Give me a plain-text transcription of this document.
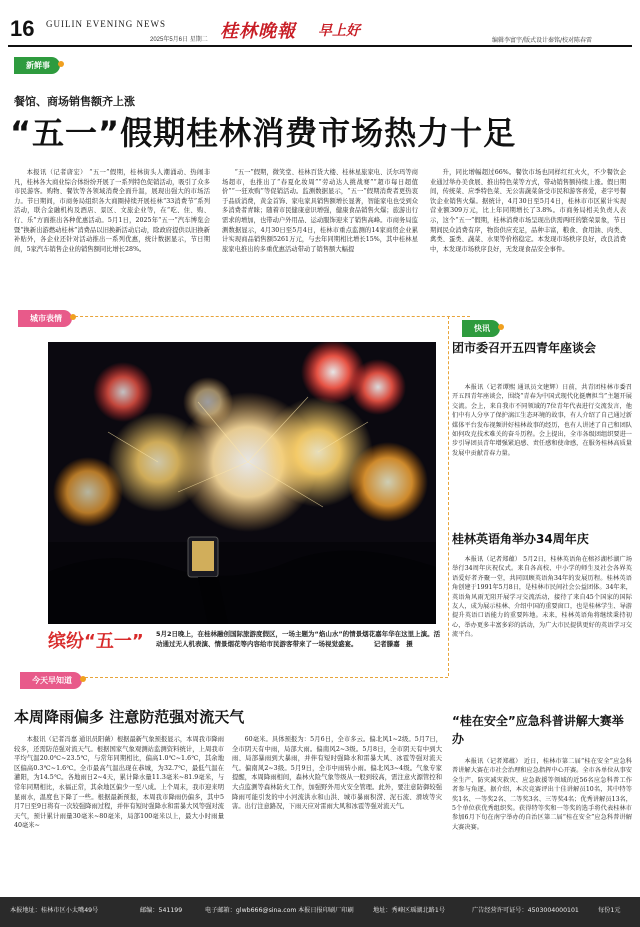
16 GUILIN EVENING NEWS
2025年5月6日 星期二 桂林晚報 早上好
编辑李富宇/版式设计秦铭/校对陈春雷
新鲜事
餐馆、商场销售额齐上涨
“五一”假期桂林消费市场热力十足

本报讯（记者唐宏） “五一”假期，桂林街头人潮涌动、热闹非凡，桂林各大商业综合体纷纷开展了一系列特色促销活动，吸引了众多市民游客。购物、餐饮等各领域消费全面升温，展现出强大的市场活力。节日期间，市商务局组织各大商圈持续开展桂林“33消费节”系列活动，联合金融机构及酒店、景区、文旅企业等，在“吃、住、购、行、乐”方面推出各种优惠活动。5月1日，2025年“五一”汽车博览会暨“换新出游燃动桂林”消费品以旧换新活动启动，除政府提供以旧换新补贴外，各企业还针对活动推出一系列优惠，统计数据显示，节日期间，5家汽车销售企业的销售额同比增长28%。

“五一”假期，微笑堂、桂林百货大楼、桂林星旅家电、沃尔玛等商场超市，也推出了“春夏化妆周”“劳动达人挑战赛”“超市每日超值价”“一狂欢购”等促销活动。监测数据显示，“五一”假期消费者更热衷于品质消费，黄金首饰、家电家具销售额增长显著，智能家电也受到众多消费者青睐；随着市民健康意识增强，健康食品销售火爆；旅游出行需求的增加，也带动户外用品、运动服饰迎来了销售高峰。市商务局监测数据显示，4月30日至5月4日，桂林市重点监测的14家商贸企业累计实现商品销售额5261万元，与去年同期相比增长15%，其中桂林星旅家电推出的多重优惠活动带动了销售额大幅提

升，同比增幅超过66%。餐饮市场也同样红红火火，不少餐饮企业通过举办美食展、推出特色菜等方式，带动销售额持续上涨。假日期间，传统菜、应季特色菜、无公害蔬菜备受市民和游客喜爱，老字号餐饮企业销售火爆。据统计，4月30日至5月4日，桂林市市区累计实现营业额309万元，比上年同期增长了3.8%。市商务局相关负责人表示，这个“五一”假期，桂林消费市场呈现出供需两旺的繁荣景象，节日期间民众消费有序，物资供应充足，品种丰富，粮食、食用油、肉类、禽类、蛋类、蔬菜、水果等价格稳定。本发现市场秩序良好，改良消费中，本发现市场秩序良好，无发现食品安全事件。

城市表情
缤纷“五一” 5月2日晚上，在桂林融创国际旅游度假区，一场主题为“焰山水”的情景烟花嘉年华在这里上演。活动通过无人机表演、情景烟花等内容给市民游客带来了一场视觉盛宴。	记者滕嘉　摄
快讯
团市委召开五四青年座谈会

本报讯（记者谭熙 通讯员文建辉）日前，共青团桂林市委召开五四青年座谈会，围绕“青春为中国式现代化挺膺担当”主题开展交流。会上，来自我市不同领域的7位青年代表进行交流发言，他们中有人分享了保护漓江生态环境的故事，有人介绍了自己通过新媒体平台发布视频讲好桂林故事的经历，也有人讲述了自己和团队如何攻克技术难关的奋斗历程。会上提出，全市各级团组织要进一步引导团员青年增强紧迫感、责任感和使命感，在服务桂林高质量发展中贡献青春力量。

桂林英语角举办34周年庆

本报讯（记者郑蕴） 5月2日，桂林英语角在榕衫湖杉湖广场举行34周年庆祝仪式。来自各高校、中小学的师生及社会各界英语爱好者齐聚一堂，共同回顾英语角34年的发展历程。桂林英语角创建于1991年5月8日，是桂林市民间社会公益团体。34年来，英语角风雨无阻开展学习交流活动，接待了来自45个国家的国际友人，成为展示桂林、介绍中国的重要窗口，也是桂林学生、导游提升英语口语能力的重要阵地。未来，桂林英语角将继续秉持初心，举办更多丰富多彩的活动，为广大市民提供更好的英语学习交流平台。

“桂在安全”应急科普讲解大赛举办

本报讯（记者郑蕴） 近日，桂林市第二届“桂在安全”应急科普讲解大赛在市社会治理和应急指挥中心开赛。全市各单位从事安全生产、防灾减灾救灾、应急救援等领域的近56名应急科普工作者参与角逐。据介绍，本次竞赛评出十佳讲解员10名，其中特等奖1名、一等奖2名、二等奖3名、三等奖4名；优秀讲解员13名，5个单位获优秀组织奖。获得特等奖和一等奖的选手将代表桂林市参加6月下旬在南宁举办的自治区第二届“桂在安全”应急科普讲解大赛决赛。

今天早知道
本周降雨偏多 注意防范强对流天气

本报讯（记者冯嘉 通讯员阳薇）根据最新气象预报显示，本周我市降雨较多，还需防范强对流天气。根据国家气象观测站监测资料统计，上周我市平均气温20.0℃~23.5℃，与常年同期相比，偏高1.0℃~1.6℃，其余地区偏高0.3℃~1.6℃。全市最高气温出现在恭城，为32.7℃，最低气温在灌阳，为14.5℃。各地雨日2~4天，累计降水量11.3毫米~81.9毫米，与常年同期相比，永福正常，其余地区偏少一至八成。上个周末，我市迎来明显雨水，温度也下降了一些。根据最新预报，本周我市降雨仍偏多，其中5月7日至9日将有一次较强降雨过程，并伴有短时强降水和雷暴大风等强对流天气，预计累计雨量30毫米~80毫米，局部100毫米以上，最大小时雨量40毫米~

60毫米。具体预报为：5月6日，全市多云。偏北风1~2级。5月7日，全市阴天有中雨，局部大雨。偏南风2~3级。5月8日，全市阴天有中到大雨、局部暴雨到大暴雨，并伴有短时强降水和雷暴大风、冰雹等强对流天气。偏南风2~3级。5月9日，全市中雨转小雨。偏北风3~4级。气象专家提醒，本周降雨相间，森林火险气象等级从一般到较高，需注意火源管控和大点监测等森林防火工作，加强野外用火安全管理。此外，要注意防御较强降雨可能引发的中小河流洪水和山洪、城市暴雨积涝、泥石流、滑坡等灾害。出行注意路况，下雨天应对雷雨大风和冰雹等强对流天气。

本报地址：桂林市区小太嘴49号	邮编：541199	电子邮箱：glwb666@sina.com 本报日报印刷厂印刷	地址：秀峰区瑶湖北路1号	广告经营许可证号：4503004000101	每份1元
